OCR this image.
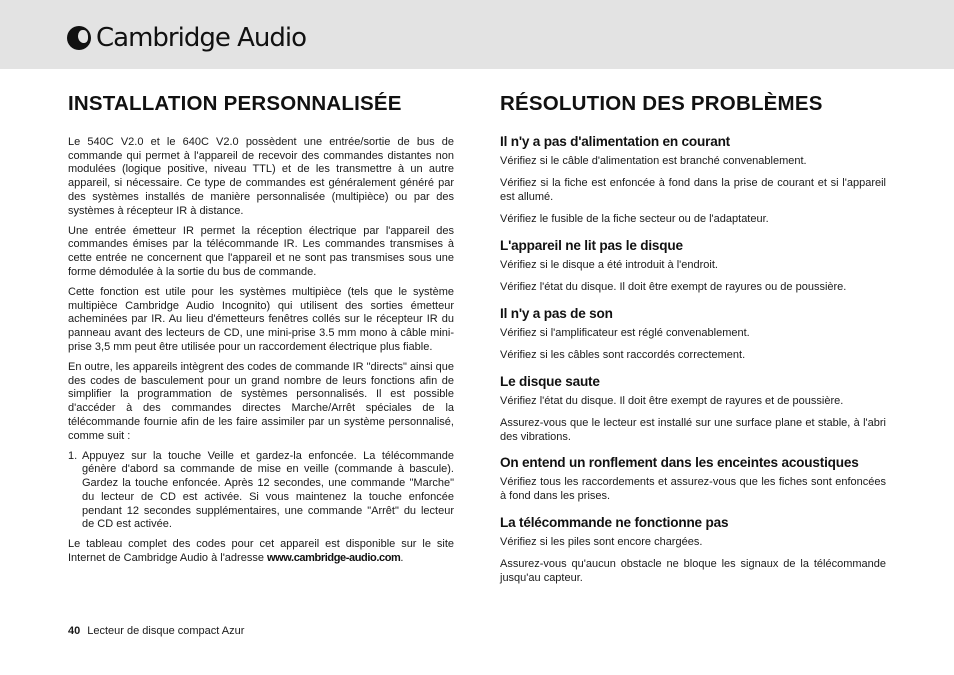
Cambridge Audio
INSTALLATION PERSONNALISÉE

Le 540C V2.0 et le 640C V2.0 possèdent une entrée/sortie de bus de commande qui permet à l'appareil de recevoir des commandes distantes non modulées (logique positive, niveau TTL) et de les transmettre à un autre appareil, si nécessaire. Ce type de commandes est généralement généré par des systèmes installés de manière personnalisée (multipièce) ou par des systèmes à récepteur IR à distance.

Une entrée émetteur IR permet la réception électrique par l'appareil des commandes émises par la télécommande IR. Les commandes transmises à cette entrée ne concernent que l'appareil et ne sont pas transmises sous une forme démodulée à la sortie du bus de commande.

Cette fonction est utile pour les systèmes multipièce (tels que le système multipièce Cambridge Audio Incognito) qui utilisent des sorties émetteur acheminées par IR. Au lieu d'émetteurs fenêtres collés sur le récepteur IR du panneau avant des lecteurs de CD, une mini-prise 3.5 mm mono à câble mini-prise 3,5 mm peut être utilisée pour un raccordement électrique plus fiable.

En outre, les appareils intègrent des codes de commande IR "directs" ainsi que des codes de basculement pour un grand nombre de leurs fonctions afin de simplifier la programmation de systèmes personnalisés. Il est possible d'accéder à des commandes directes Marche/Arrêt spéciales de la télécommande fournie afin de les faire assimiler par un système personnalisé, comme suit :

1. Appuyez sur la touche Veille et gardez-la enfoncée. La télécommande génère d'abord sa commande de mise en veille (commande à bascule). Gardez la touche enfoncée. Après 12 secondes, une commande "Marche" du lecteur de CD est activée. Si vous maintenez la touche enfoncée pendant 12 secondes supplémentaires, une commande "Arrêt" du lecteur de CD est activée.

Le tableau complet des codes pour cet appareil est disponible sur le site Internet de Cambridge Audio à l'adresse www.cambridge-audio.com.

RÉSOLUTION DES PROBLÈMES
Il n'y a pas d'alimentation en courant

Vérifiez si le câble d'alimentation est branché convenablement.

Vérifiez si la fiche est enfoncée à fond dans la prise de courant et si l'appareil est allumé.

Vérifiez le fusible de la fiche secteur ou de l'adaptateur.

L'appareil ne lit pas le disque

Vérifiez si le disque a été introduit à l'endroit.

Vérifiez l'état du disque. Il doit être exempt de rayures ou de poussière.

Il n'y a pas de son

Vérifiez si l'amplificateur est réglé convenablement.

Vérifiez si les câbles sont raccordés correctement.

Le disque saute

Vérifiez l'état du disque. Il doit être exempt de rayures et de poussière.

Assurez-vous que le lecteur est installé sur une surface plane et stable, à l'abri des vibrations.

On entend un ronflement dans les enceintes acoustiques

Vérifiez tous les raccordements et assurez-vous que les fiches sont enfoncées à fond dans les prises.

La télécommande ne fonctionne pas

Vérifiez si les piles sont encore chargées.

Assurez-vous qu'aucun obstacle ne bloque les signaux de la télécommande jusqu'au capteur.

40 Lecteur de disque compact Azur
